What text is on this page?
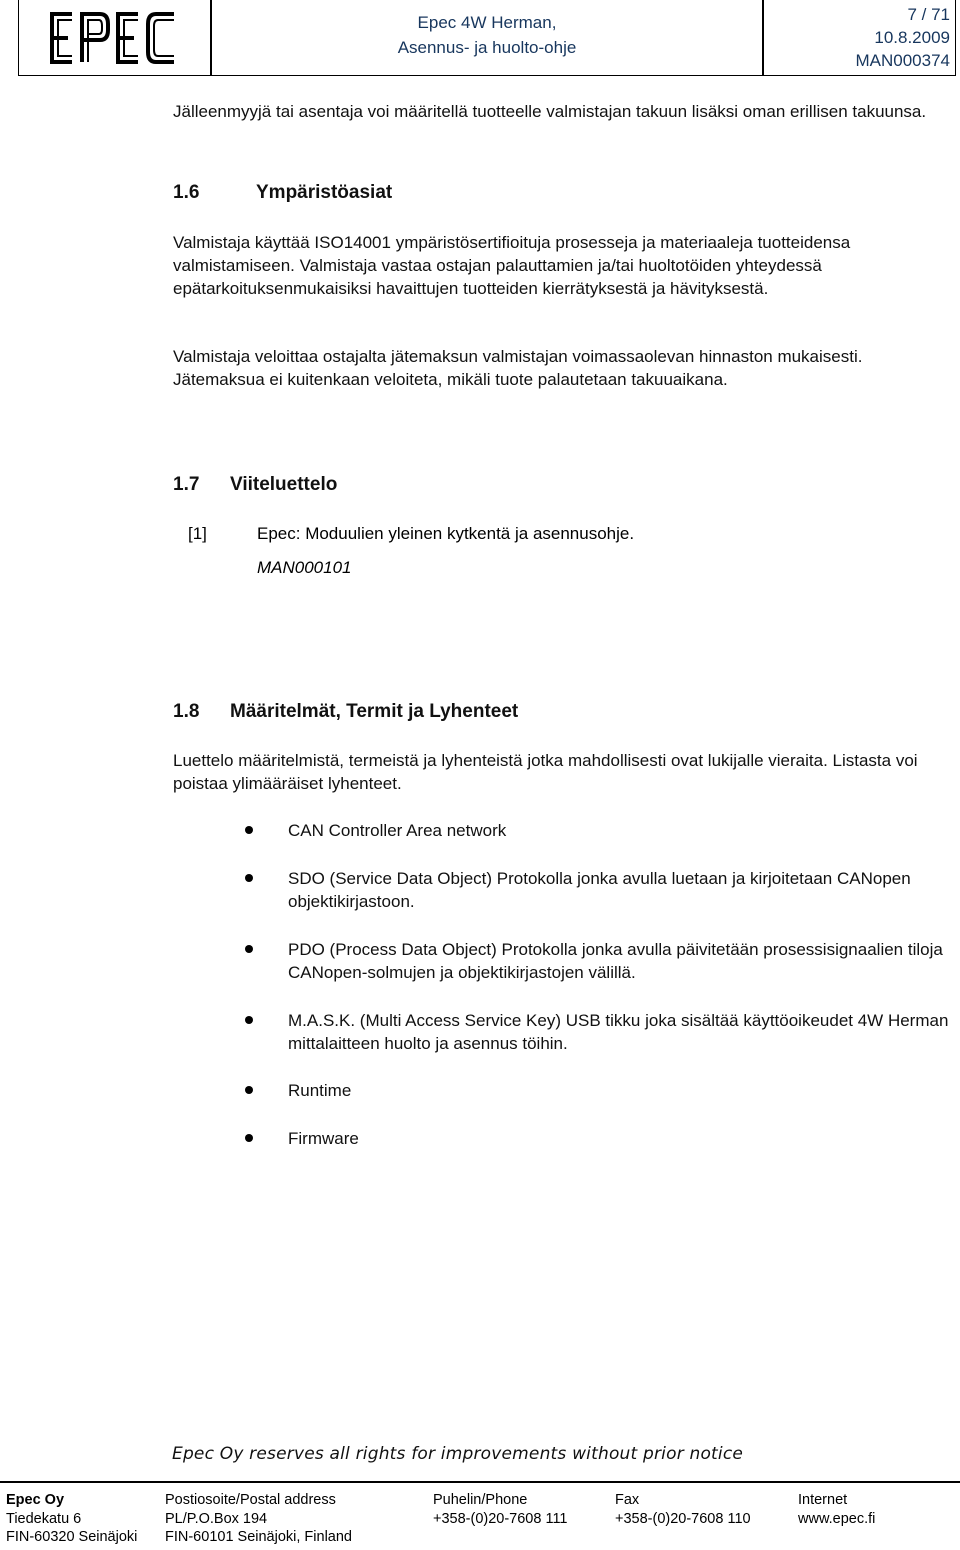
Epec 4W Herman,
Asennus- ja huolto-ohje
7 / 71
10.8.2009
MAN000374
Jälleenmyyjä tai asentaja voi määritellä tuotteelle valmistajan takuun lisäksi oman erillisen takuunsa.
1.6	Ympäristöasiat
Valmistaja käyttää ISO14001 ympäristösertifioituja prosesseja ja materiaaleja tuotteidensa valmistamiseen. Valmistaja vastaa ostajan palauttamien ja/tai huoltotöiden yhteydessä epätarkoituksenmukaisiksi havaittujen tuotteiden kierrätyksestä ja hävityksestä.
Valmistaja veloittaa ostajalta jätemaksun valmistajan voimassaolevan hinnaston mukaisesti. Jätemaksua ei kuitenkaan veloiteta, mikäli tuote palautetaan takuuaikana.
1.7 Viiteluettelo
[1]	Epec: Moduulien yleinen kytkentä ja asennusohje.
MAN000101
1.8 Määritelmät, Termit ja Lyhenteet
Luettelo määritelmistä, termeistä ja lyhenteistä jotka mahdollisesti ovat lukijalle vieraita. Listasta voi poistaa ylimääräiset lyhenteet.
CAN Controller Area network
SDO (Service Data Object) Protokolla jonka avulla luetaan ja kirjoitetaan CANopen objektikirjastoon.
PDO (Process Data Object) Protokolla jonka avulla päivitetään prosessisignaalien tiloja CANopen-solmujen ja objektikirjastojen välillä.
M.A.S.K. (Multi Access Service Key) USB tikku joka sisältää käyttöoikeudet 4W Herman mittalaitteen huolto ja asennus töihin.
Runtime
Firmware
Epec Oy reserves all rights for improvements without prior notice
Epec Oy
Tiedekatu 6
FIN-60320 Seinäjoki
Postiosoite/Postal address
PL/P.O.Box 194
FIN-60101 Seinäjoki, Finland
Puhelin/Phone
+358-(0)20-7608 111
Fax
+358-(0)20-7608 110
Internet
www.epec.fi
